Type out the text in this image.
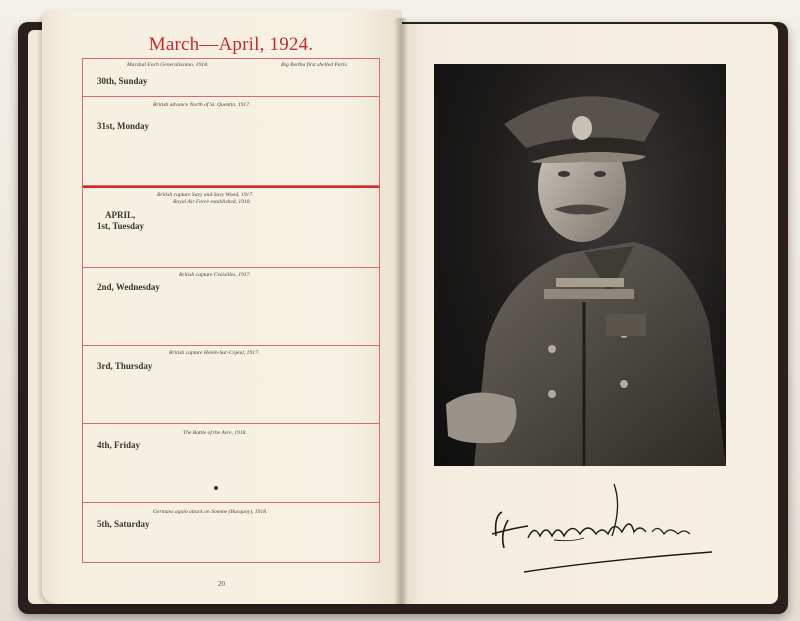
March—April, 1924.
Marshal Foch Generalissimo, 1918.	Big Bertha first shelled Paris.
30th, Sunday
British advance North of St. Quentin, 1917.
31st, Monday
British capture Savy and Savy Wood, 1917.
Royal Air Force established, 1918.
APRIL,
1st, Tuesday
British capture Croisilles, 1917.
2nd, Wednesday
British capture Henin-Sur-Cojeul, 1917.
3rd, Thursday
The Battle of the Avre, 1918.
4th, Friday
Germans again attack on Somme (Bucquoy), 1918.
5th, Saturday
20
